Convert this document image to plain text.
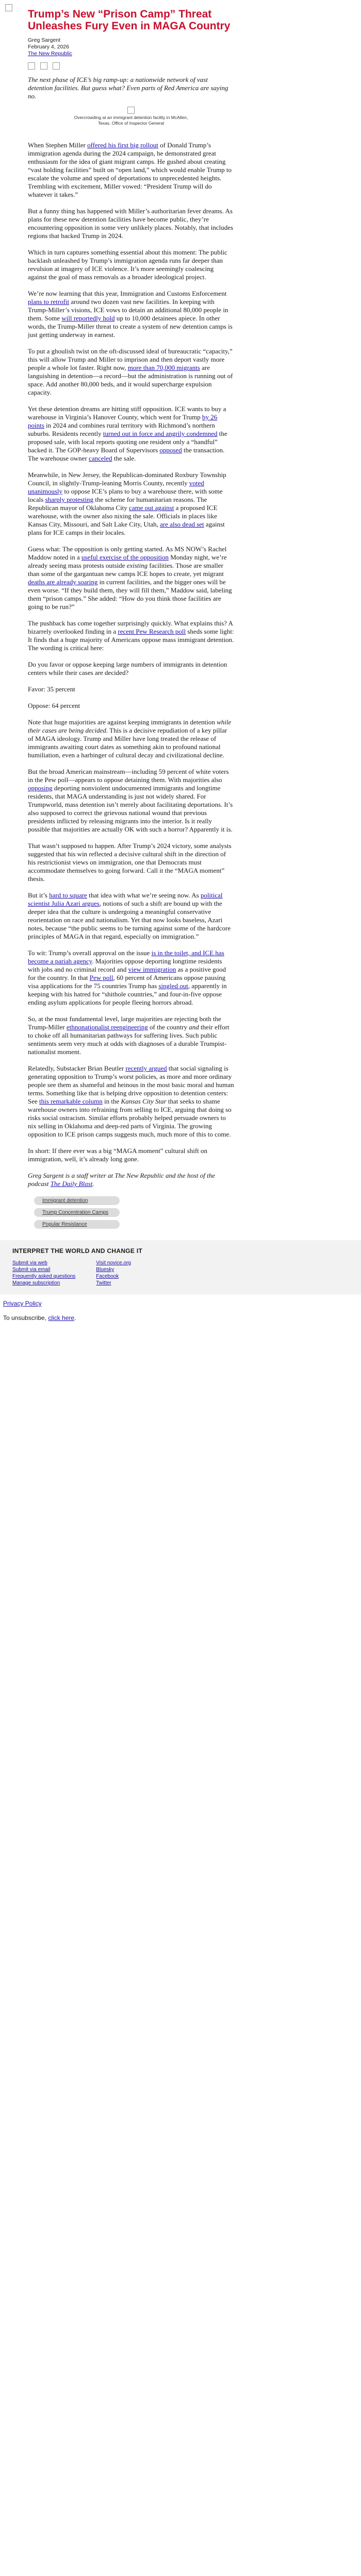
Trump’s New “Prison Camp” Threat Unleashes Fury Even in MAGA Country
Greg Sargent
February 4, 2026
The New Republic

The next phase of ICE’s big ramp-up: a nationwide network of vast detention facilities. But guess what? Even parts of Red America are saying no.

Overcrowding at an immigrant detention facility in McAllen, Texas. Office of Inspector General

When Stephen Miller offered his first big rollout of Donald Trump’s immigration agenda during the 2024 campaign, he demonstrated great enthusiasm for the idea of giant migrant camps. He gushed about creating “vast holding facilities” built on “open land,” which would enable Trump to escalate the volume and speed of deportations to unprecedented heights. Trembling with excitement, Miller vowed: “President Trump will do whatever it takes.”

But a funny thing has happened with Miller’s authoritarian fever dreams. As plans for these new detention facilities have become public, they’re encountering opposition in some very unlikely places. Notably, that includes regions that backed Trump in 2024.

Which in turn captures something essential about this moment: The public backlash unleashed by Trump’s immigration agenda runs far deeper than revulsion at imagery of ICE violence. It’s more seemingly coalescing against the goal of mass removals as a broader ideological project.

We’re now learning that this year, Immigration and Customs Enforcement plans to retrofit around two dozen vast new facilities. In keeping with Trump-Miller’s visions, ICE vows to detain an additional 80,000 people in them. Some will reportedly hold up to 10,000 detainees apiece. In other words, the Trump-Miller threat to create a system of new detention camps is just getting underway in earnest.

To put a ghoulish twist on the oft-discussed ideal of bureaucratic “capacity,” this will allow Trump and Miller to imprison and then deport vastly more people a whole lot faster. Right now, more than 70,000 migrants are languishing in detention—a record—but the administration is running out of space. Add another 80,000 beds, and it would supercharge expulsion capacity.

Yet these detention dreams are hitting stiff opposition. ICE wants to buy a warehouse in Virginia’s Hanover County, which went for Trump by 26 points in 2024 and combines rural territory with Richmond’s northern suburbs. Residents recently turned out in force and angrily condemned the proposed sale, with local reports quoting one resident only a “handful” backed it. The GOP-heavy Board of Supervisors opposed the transaction. The warehouse owner canceled the sale.

Meanwhile, in New Jersey, the Republican-dominated Roxbury Township Council, in slightly-Trump-leaning Morris County, recently voted unanimously to oppose ICE’s plans to buy a warehouse there, with some locals sharply protesting the scheme for humanitarian reasons. The Republican mayor of Oklahoma City came out against a proposed ICE warehouse, with the owner also nixing the sale. Officials in places like Kansas City, Missouri, and Salt Lake City, Utah, are also dead set against plans for ICE camps in their locales.

Guess what: The opposition is only getting started. As MS NOW’s Rachel Maddow noted in a useful exercise of the opposition Monday night, we’re already seeing mass protests outside existing facilities. Those are smaller than some of the gargantuan new camps ICE hopes to create, yet migrant deaths are already soaring in current facilities, and the bigger ones will be even worse. “If they build them, they will fill them,” Maddow said, labeling them “prison camps.” She added: “How do you think those facilities are going to be run?”

The pushback has come together surprisingly quickly. What explains this? A bizarrely overlooked finding in a recent Pew Research poll sheds some light: It finds that a huge majority of Americans oppose mass immigrant detention. The wording is critical here:

Do you favor or oppose keeping large numbers of immigrants in detention centers while their cases are decided?

Favor: 35 percent

Oppose: 64 percent

Note that huge majorities are against keeping immigrants in detention while their cases are being decided. This is a decisive repudiation of a key pillar of MAGA ideology. Trump and Miller have long treated the release of immigrants awaiting court dates as something akin to profound national humiliation, even a harbinger of cultural decay and civilizational decline.

But the broad American mainstream—including 59 percent of white voters in the Pew poll—appears to oppose detaining them. With majorities also opposing deporting nonviolent undocumented immigrants and longtime residents, that MAGA understanding is just not widely shared. For Trumpworld, mass detention isn’t merely about facilitating deportations. It’s also supposed to correct the grievous national wound that previous presidents inflicted by releasing migrants into the interior. Is it really possible that majorities are actually OK with such a horror? Apparently it is.

That wasn’t supposed to happen. After Trump’s 2024 victory, some analysts suggested that his win reflected a decisive cultural shift in the direction of his restrictionist views on immigration, one that Democrats must accommodate themselves to going forward. Call it the “MAGA moment” thesis.

But it’s hard to square that idea with what we’re seeing now. As political scientist Julia Azari argues, notions of such a shift are bound up with the deeper idea that the culture is undergoing a meaningful conservative reorientation on race and nationalism. Yet that now looks baseless, Azari notes, because “the public seems to be turning against some of the hardcore principles of MAGA in that regard, especially on immigration.”

To wit: Trump’s overall approval on the issue is in the toilet, and ICE has become a pariah agency. Majorities oppose deporting longtime residents with jobs and no criminal record and view immigration as a positive good for the country. In that Pew poll, 60 percent of Americans oppose pausing visa applications for the 75 countries Trump has singled out, apparently in keeping with his hatred for “shithole countries,” and four-in-five oppose ending asylum applications for people fleeing horrors abroad.

So, at the most fundamental level, large majorities are rejecting both the Trump-Miller ethnonationalist reengineering of the country and their effort to choke off all humanitarian pathways for suffering lives. Such public sentiments seem very much at odds with diagnoses of a durable Trumpist-nationalist moment.

Relatedly, Substacker Brian Beutler recently argued that social signaling is generating opposition to Trump’s worst policies, as more and more ordinary people see them as shameful and heinous in the most basic moral and human terms. Something like that is helping drive opposition to detention centers: See this remarkable column in the Kansas City Star that seeks to shame warehouse owners into refraining from selling to ICE, arguing that doing so risks social ostracism. Similar efforts probably helped persuade owners to nix selling in Oklahoma and deep-red parts of Virginia. The growing opposition to ICE prison camps suggests much, much more of this to come.

In short: If there ever was a big “MAGA moment” cultural shift on immigration, well, it’s already long gone.

Greg Sargent is a staff writer at The New Republic and the host of the podcast The Daily Blast.

Immigrant detention
Trump Concentration Camps
Popular Resistance
INTERPRET THE WORLD AND CHANGE IT
Submit via web
Submit via email
Frequently asked questions
Manage subscription
Visit novice.org
Bluesky
Facebook
Twitter
Privacy Policy
To unsubscribe, click here.
